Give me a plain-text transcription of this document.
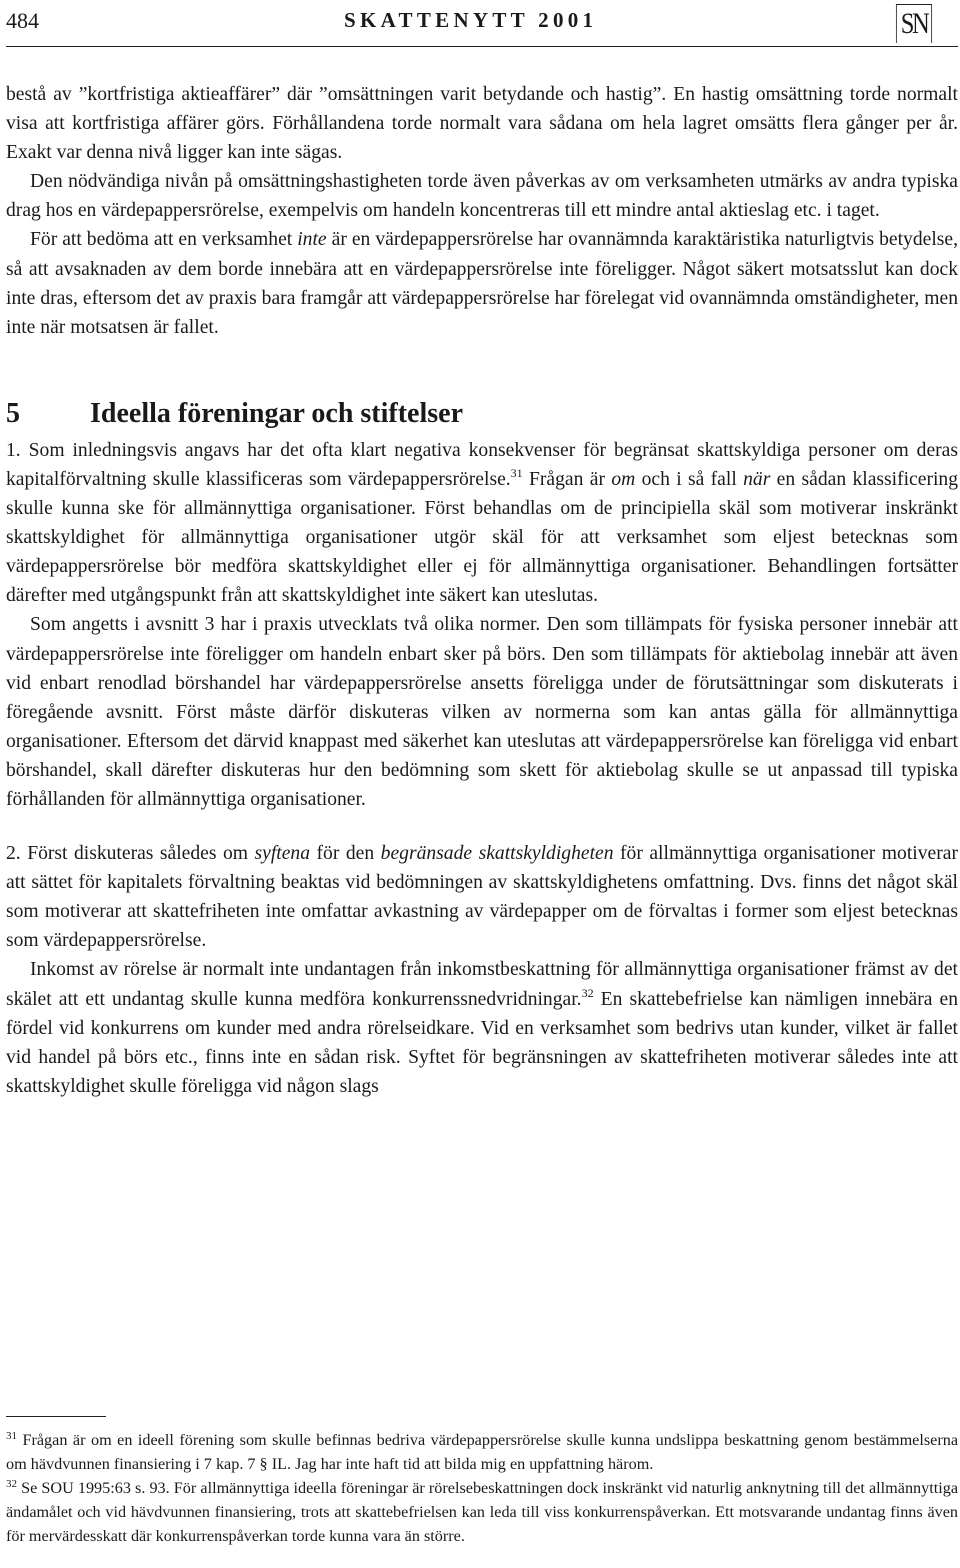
484	SKATTENYTT 2001	SN

bestå av ”kortfristiga aktieaffärer” där ”omsättningen varit betydande och hastig”. En hastig omsättning torde normalt visa att kortfristiga affärer görs. Förhållandena torde normalt vara sådana om hela lagret omsätts flera gånger per år. Exakt var denna nivå ligger kan inte sägas.

Den nödvändiga nivån på omsättningshastigheten torde även påverkas av om verksamheten utmärks av andra typiska drag hos en värdepappersrörelse, exempelvis om handeln koncentreras till ett mindre antal aktieslag etc. i taget.

För att bedöma att en verksamhet inte är en värdepappersrörelse har ovannämnda karaktäristika naturligtvis betydelse, så att avsaknaden av dem borde innebära att en värdepappersrörelse inte föreligger. Något säkert motsatsslut kan dock inte dras, eftersom det av praxis bara framgår att värdepappersrörelse har förelegat vid ovannämnda omständigheter, men inte när motsatsen är fallet.

5	Ideella föreningar och stiftelser

1. Som inledningsvis angavs har det ofta klart negativa konsekvenser för begränsat skattskyldiga personer om deras kapitalförvaltning skulle klassificeras som värdepappersrörelse.$^{31}$ Frågan är om och i så fall när en sådan klassificering skulle kunna ske för allmännyttiga organisationer. Först behandlas om de principiella skäl som motiverar inskränkt skattskyldighet för allmännyttiga organisationer utgör skäl för att verksamhet som eljest betecknas som värdepappersrörelse bör medföra skattskyldighet eller ej för allmännyttiga organisationer. Behandlingen fortsätter därefter med utgångspunkt från att skattskyldighet inte säkert kan uteslutas.

Som angetts i avsnitt 3 har i praxis utvecklats två olika normer. Den som tillämpats för fysiska personer innebär att värdepappersrörelse inte föreligger om handeln enbart sker på börs. Den som tillämpats för aktiebolag innebär att även vid enbart renodlad börshandel har värdepappersrörelse ansetts föreligga under de förutsättningar som diskuterats i föregående avsnitt. Först måste därför diskuteras vilken av normerna som kan antas gälla för allmännyttiga organisationer. Eftersom det därvid knappast med säkerhet kan uteslutas att värdepappersrörelse kan föreligga vid enbart börshandel, skall därefter diskuteras hur den bedömning som skett för aktiebolag skulle se ut anpassad till typiska förhållanden för allmännyttiga organisationer.

2. Först diskuteras således om syftena för den begränsade skattskyldigheten för allmännyttiga organisationer motiverar att sättet för kapitalets förvaltning beaktas vid bedömningen av skattskyldighetens omfattning. Dvs. finns det något skäl som motiverar att skattefriheten inte omfattar avkastning av värdepapper om de förvaltas i former som eljest betecknas som värdepappersrörelse.

Inkomst av rörelse är normalt inte undantagen från inkomstbeskattning för allmännyttiga organisationer främst av det skälet att ett undantag skulle kunna medföra konkurrenssnedvridningar.$^{32}$ En skattebefrielse kan nämligen innebära en fördel vid konkurrens om kunder med andra rörelseidkare. Vid en verksamhet som bedrivs utan kunder, vilket är fallet vid handel på börs etc., finns inte en sådan risk. Syftet för begränsningen av skattefriheten motiverar således inte att skattskyldighet skulle föreligga vid någon slags

$^{31}$ Frågan är om en ideell förening som skulle befinnas bedriva värdepappersrörelse skulle kunna undslippa beskattning genom bestämmelserna om hävdvunnen finansiering i 7 kap. 7 § IL. Jag har inte haft tid att bilda mig en uppfattning härom.

$^{32}$ Se SOU 1995:63 s. 93. För allmännyttiga ideella föreningar är rörelsebeskattningen dock inskränkt vid naturlig anknytning till det allmännyttiga ändamålet och vid hävdvunnen finansiering, trots att skattebefrielsen kan leda till viss konkurrenspåverkan. Ett motsvarande undantag finns även för mervärdesskatt där konkurrenspåverkan torde kunna vara än större.
